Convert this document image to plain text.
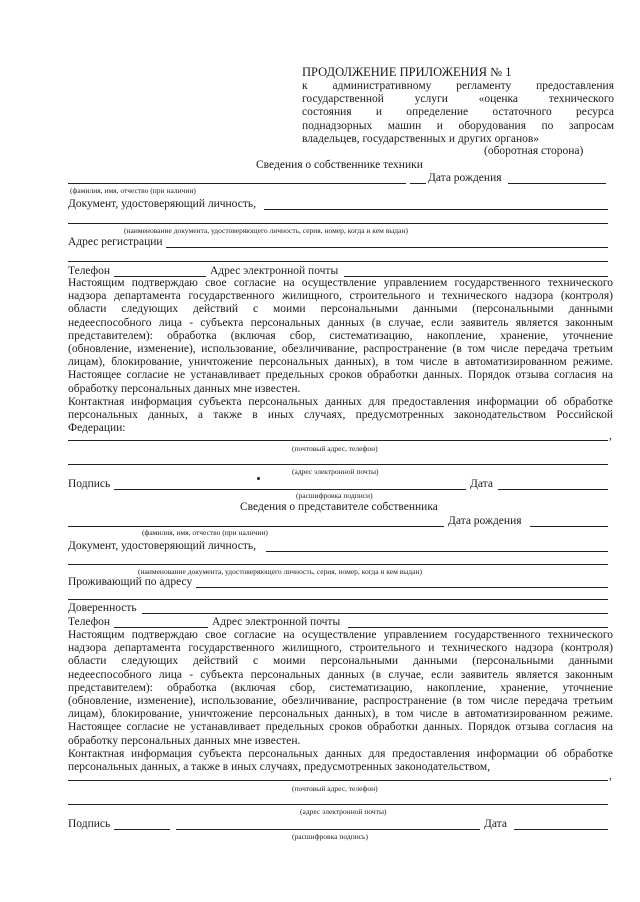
ПРОДОЛЖЕНИЕ ПРИЛОЖЕНИЯ № 1
к административному регламенту предоставления
государственной услуги «оценка технического
состояния и определение остаточного ресурса
поднадзорных машин и оборудования по запросам
владельцев, государственных и других органов»
(оборотная сторона)
Сведения о собственнике техники
Дата рождения
(фамилия, имя, отчество (при наличии)
Документ, удостоверяющий личность,
(наименование документа, удостоверяющего личность, серия, номер, когда и кем выдан)
Адрес регистрации
Телефон	Адрес электронной почты
Настоящим подтверждаю свое согласие на осуществление управлением государственного технического
надзора департамента государственного жилищного, строительного и технического надзора (контроля)
области следующих действий с моими персональными данными (персональными данными
недееспособного лица - субъекта персональных данных (в случае, если заявитель является законным
представителем): обработка (включая сбор, систематизацию, накопление, хранение, уточнение
(обновление, изменение), использование, обезличивание, распространение (в том числе передача третьим
лицам), блокирование, уничтожение персональных данных), в том числе в автоматизированном режиме.
Настоящее согласие не устанавливает предельных сроков обработки данных. Порядок отзыва согласия на
обработку персональных данных мне известен.
Контактная информация субъекта персональных данных для предоставления информации об обработке
персональных данных, а также в иных случаях, предусмотренных законодательством Российской
Федерации:
,
(почтовый адрес, телефон)
(адрес электронной почты)
Подпись	Дата
(расшифровка подписи)
Сведения о представителе собственника
Дата рождения
(фамилия, имя, отчество (при наличии)
Документ, удостоверяющий личность,
(наименование документа, удостоверяющего личность, серия, номер, когда и кем выдан)
Проживающий по адресу
Доверенность
Телефон	Адрес электронной почты
Настоящим подтверждаю свое согласие на осуществление управлением государственного технического
надзора департамента государственного жилищного, строительного и технического надзора (контроля)
области следующих действий с моими персональными данными (персональными данными
недееспособного лица - субъекта персональных данных (в случае, если заявитель является законным
представителем): обработка (включая сбор, систематизацию, накопление, хранение, уточнение
(обновление, изменение), использование, обезличивание, распространение (в том числе передача третьим
лицам), блокирование, уничтожение персональных данных), в том числе в автоматизированном режиме.
Настоящее согласие не устанавливает предельных сроков обработки данных. Порядок отзыва согласия на
обработку персональных данных мне известен.
Контактная информация субъекта персональных данных для предоставления информации об обработке
персональных данных, а также в иных случаях, предусмотренных законодательством,
,
(почтовый адрес, телефон)
(адрес электронной почты)
Подпись	Дата
(расшифровка подпись)
